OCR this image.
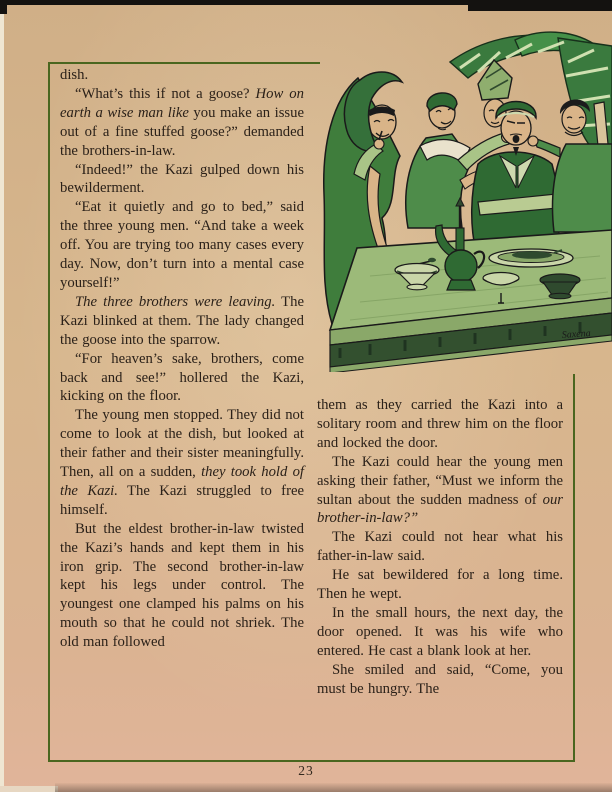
dish.

“What’s this if not a goose? How on earth a wise man like you make an issue out of a fine stuffed goose?” demanded the brothers-in-law.

“Indeed!” the Kazi gulped down his bewilderment.

“Eat it quietly and go to bed,” said the three young men. “And take a week off. You are trying too many cases every day. Now, don’t turn into a mental case yourself!”

The three brothers were leaving. The Kazi blinked at them. The lady changed the goose into the sparrow.

“For heaven’s sake, brothers, come back and see!” hollered the Kazi, kicking on the floor.

The young men stopped. They did not come to look at the dish, but looked at their father and their sister meaningfully. Then, all on a sudden, they took hold of the Kazi. The Kazi struggled to free himself.

But the eldest brother-in-law twisted the Kazi’s hands and kept them in his iron grip. The second brother-in-law kept his legs under control. The youngest one clamped his palms on his mouth so that he could not shriek. The old man followed

them as they carried the Kazi into a solitary room and threw him on the floor and locked the door.

The Kazi could hear the young men asking their father, “Must we inform the sultan about the sudden madness of our brother-in-law?”

The Kazi could not hear what his father-in-law said.

He sat bewildered for a long time. Then he wept.

In the small hours, the next day, the door opened. It was his wife who entered. He cast a blank look at her.

She smiled and said, “Come, you must be hungry. The

Saxena
23
